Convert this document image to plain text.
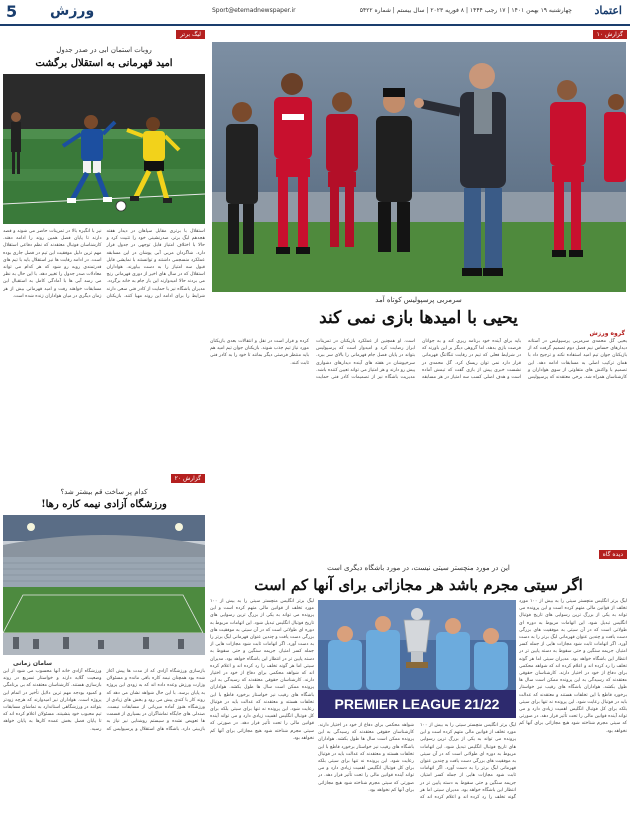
5 ورزش	Sport@etemadnewspaper.ir	چهارشنبه ۱۹ بهمن ۱۴۰۱ | ۱۷ رجب ۱۴۴۴ | ۸ فوریه ۲۰۲۳ | سال بیستم | شماره ۵۴۲۲ اعتماد
لیگ برتر
روبات استمان ابی در صدر جدول
امید قهرمانی به استقلال برگشت
استقلال با برتری مقابل سپاهان در دیدار هفته هجدهم لیگ برتر، صدرنشینی خود را تثبیت کرد و حالا با اختلاف امتیاز قابل توجهی در جدول قرار دارد. شاگردان مربی آبی پوشان در این مسابقه عملکرد منسجمی داشتند و توانستند با نمایشی قابل قبول سه امتیاز را به دست بیاورند. هواداران استقلال که در سال های اخیر از دوری قهرمانی رنج می بردند حالا امیدوارند این بار جام به خانه برگردد. مدیران باشگاه نیز با حمایت از کادر فنی سعی دارند شرایط را برای ادامه این روند مهیا کنند. بازیکنان نیز با انگیزه بالا در تمرینات حاضر می شوند و قصد دارند تا پایان فصل همین روند را ادامه دهند. کارشناسان فوتبال معتقدند که نظم دفاعی استقلال مهم ترین دلیل موفقیت این تیم در فصل جاری بوده است. در ادامه رقابت ها نیز استقلال باید با تیم های قدرتمندی روبه رو شود که هر کدام می تواند معادلات صدر جدول را تغییر دهد. با این حال به نظر می رسد آبی ها با آمادگی کامل به استقبال این مسابقات خواهند رفت و امید قهرمانی بیش از هر زمان دیگری در میان هواداران زنده شده است.
گزارش ۲۰
کدام پر ساخت قم بیشتر شد؟
ورزشگاه آزادی نیمه کاره رها!
سامان زمانی
بازسازی ورزشگاه آزادی که از مدت ها پیش آغاز شده بود همچنان نیمه کاره باقی مانده و مسئولان وزارت ورزش وعده داده اند که به زودی این پروژه به پایان برسد. با این حال شواهد نشان می دهد که روند کار با کندی پیش می رود و بخش های زیادی از ورزشگاه هنوز آماده میزبانی از مسابقات نیست. صندلی های جایگاه تماشاگران در بسیاری از قسمت ها تعویض نشده و سیستم روشنایی نیز نیاز به بازبینی دارد. باشگاه های استقلال و پرسپولیس که ورزشگاه آزادی خانه آنها محسوب می شود از این وضعیت گلایه دارند و خواستار تسریع در روند بازسازی هستند. کارشناسان معتقدند که بی برنامگی و کمبود بودجه مهم ترین دلایل تأخیر در اتمام این پروژه است. هواداران نیز امیدوارند که هرچه زودتر بتوانند در ورزشگاهی استاندارد به تماشای مسابقات تیم محبوب خود بنشینند. مسئولان اعلام کرده اند که تا پایان فصل بخش عمده کارها به پایان خواهد رسید.
گزارش ۱۰
سرمربی پرسپولیس کوتاه آمد
یحیی با امیدها بازی نمی کند
گروه ورزش
یحیی گل محمدی سرمربی پرسپولیس در آستانه دیدارهای حساس نیم فصل دوم تصمیم گرفت که از بازیکنان جوان تیم امید استفاده نکند و ترجیح داد با همان ترکیب اصلی به مسابقات ادامه دهد. این تصمیم با واکنش های متفاوتی از سوی هواداران و کارشناسان همراه شد. برخی معتقدند که پرسپولیس باید برای آینده خود برنامه ریزی کند و به جوانان فرصت بازی بدهد، اما گروهی دیگر بر این باورند که در شرایط فعلی که تیم در رقابت تنگاتنگ قهرمانی قرار دارد نمی توان ریسک کرد. گل محمدی در نشست خبری پیش از بازی گفت که تیمش آماده است و هدف اصلی کسب سه امتیاز در هر مسابقه است. او همچنین از عملکرد بازیکنان در تمرینات ابراز رضایت کرد و امیدوار است که پرسپولیس بتواند در پایان فصل جام قهرمانی را بالای سر ببرد. سرخپوشان در هفته های آینده دیدارهای دشواری پیش رو دارند و هر امتیاز می تواند تعیین کننده باشد. مدیریت باشگاه نیز از تصمیمات کادر فنی حمایت کرده و قرار است در نقل و انتقالات بعدی بازیکنان مورد نیاز تیم جذب شوند. بازیکنان جوان تیم امید هم باید منتظر فرصتی دیگر بمانند تا خود را به کادر فنی ثابت کنند.
دیده گاه
این در مورد منچستر سیتی نیست، در مورد باشگاه دیگری است
اگر سیتی مجرم باشد هر مجازاتی برای آنها کم است
لیگ برتر انگلیس منچستر سیتی را به بیش از ۱۰۰ مورد تخلف از قوانین مالی متهم کرده است و این پرونده می تواند به یکی از بزرگ ترین رسوایی های تاریخ فوتبال انگلیس تبدیل شود. این اتهامات مربوط به دوره ای طولانی است که در آن سیتی به موفقیت های بزرگی دست یافت و چندین عنوان قهرمانی لیگ برتر را به دست آورد. اگر اتهامات ثابت شود مجازات هایی از جمله کسر امتیاز، جریمه سنگین و حتی سقوط به دسته پایین تر در انتظار این باشگاه خواهد بود. مدیران سیتی اما هر گونه تخلف را رد کرده اند و اعلام کرده اند که شواهد محکمی برای دفاع از خود در اختیار دارند. کارشناسان حقوقی معتقدند که رسیدگی به این پرونده ممکن است سال ها طول بکشد. هواداران باشگاه های رقیب نیز خواستار برخورد قاطع با این تخلفات هستند و معتقدند که عدالت باید در فوتبال رعایت شود. این پرونده نه تنها برای سیتی بلکه برای کل فوتبال انگلیس اهمیت زیادی دارد و می تواند آینده قوانین مالی را تحت تأثیر قرار دهد. در صورتی که سیتی مجرم شناخته شود هیچ مجازاتی برای آنها کم نخواهد بود.
PREMIER LEAGUE 21/22
لیگ برتر انگلیس منچستر سیتی را به بیش از ۱۰۰ مورد تخلف از قوانین مالی متهم کرده است و این پرونده می تواند به یکی از بزرگ ترین رسوایی های تاریخ فوتبال انگلیس تبدیل شود. این اتهامات مربوط به دوره ای طولانی است که در آن سیتی به موفقیت های بزرگی دست یافت و چندین عنوان قهرمانی لیگ برتر را به دست آورد. اگر اتهامات ثابت شود مجازات هایی از جمله کسر امتیاز، جریمه سنگین و حتی سقوط به دسته پایین تر در انتظار این باشگاه خواهد بود. مدیران سیتی اما هر گونه تخلف را رد کرده اند و اعلام کرده اند که شواهد محکمی برای دفاع از خود در اختیار دارند. کارشناسان حقوقی معتقدند که رسیدگی به این پرونده ممکن است سال ها طول بکشد. هواداران باشگاه های رقیب نیز خواستار برخورد قاطع با این تخلفات هستند و معتقدند که عدالت باید در فوتبال رعایت شود. این پرونده نه تنها برای سیتی بلکه برای کل فوتبال انگلیس اهمیت زیادی دارد و می تواند آینده قوانین مالی را تحت تأثیر قرار دهد. در صورتی که سیتی مجرم شناخته شود هیچ مجازاتی برای آنها کم نخواهد بود.
لیگ برتر انگلیس منچستر سیتی را به بیش از ۱۰۰ مورد تخلف از قوانین مالی متهم کرده است و این پرونده می تواند به یکی از بزرگ ترین رسوایی های تاریخ فوتبال انگلیس تبدیل شود. این اتهامات مربوط به دوره ای طولانی است که در آن سیتی به موفقیت های بزرگی دست یافت و چندین عنوان قهرمانی لیگ برتر را به دست آورد. اگر اتهامات ثابت شود مجازات هایی از جمله کسر امتیاز، جریمه سنگین و حتی سقوط به دسته پایین تر در انتظار این باشگاه خواهد بود. مدیران سیتی اما هر گونه تخلف را رد کرده اند و اعلام کرده اند که شواهد محکمی برای دفاع از خود در اختیار دارند. کارشناسان حقوقی معتقدند که رسیدگی به این پرونده ممکن است سال ها طول بکشد. هواداران باشگاه های رقیب نیز خواستار برخورد قاطع با این تخلفات هستند و معتقدند که عدالت باید در فوتبال رعایت شود. این پرونده نه تنها برای سیتی بلکه برای کل فوتبال انگلیس اهمیت زیادی دارد و می تواند آینده قوانین مالی را تحت تأثیر قرار دهد. در صورتی که سیتی مجرم شناخته شود هیچ مجازاتی برای آنها کم نخواهد بود.
